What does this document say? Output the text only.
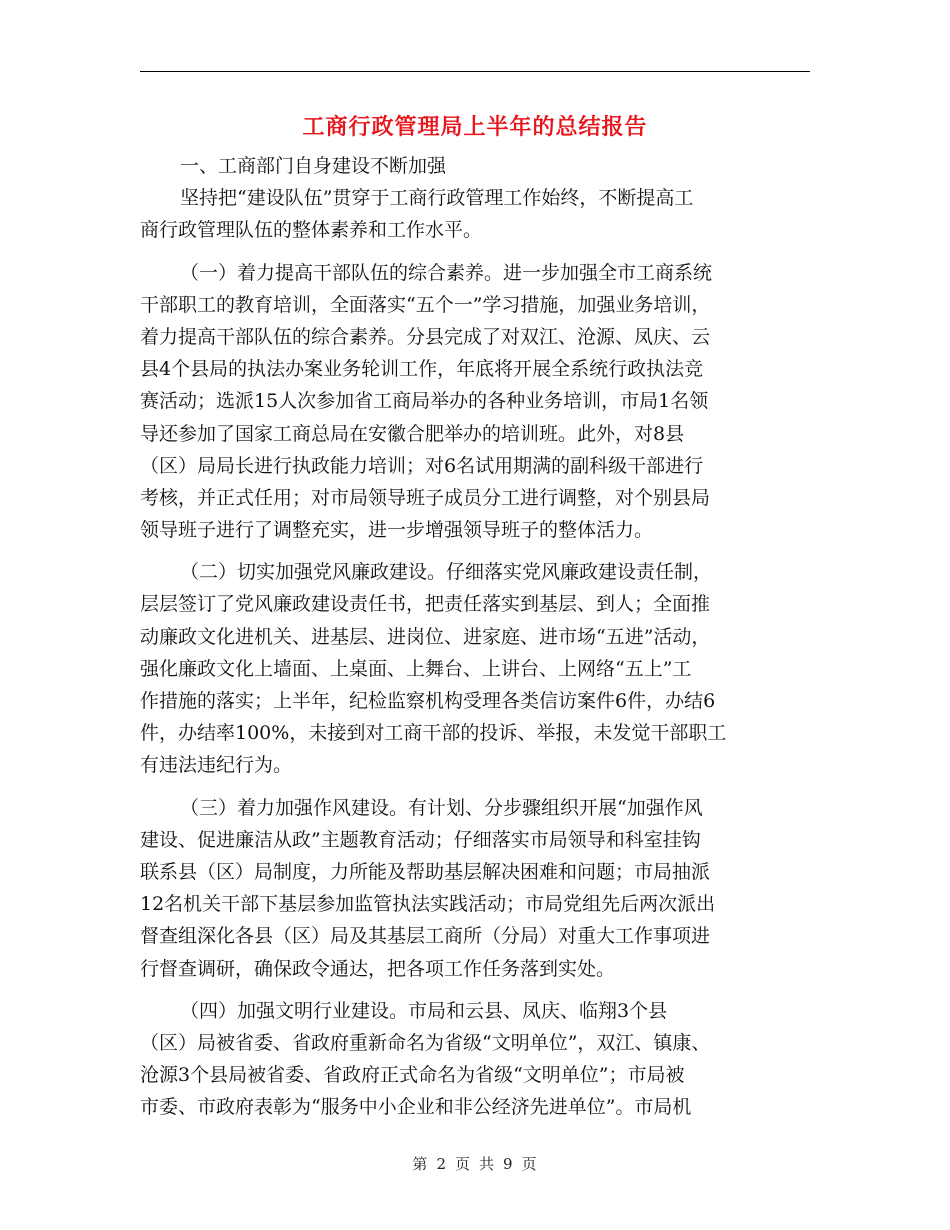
工商行政管理局上半年的总结报告
一、工商部门自身建设不断加强
坚持把“建设队伍”贯穿于工商行政管理工作始终，不断提高工
商行政管理队伍的整体素养和工作水平。
（一）着力提高干部队伍的综合素养。进一步加强全市工商系统
干部职工的教育培训，全面落实“五个一”学习措施，加强业务培训，
着力提高干部队伍的综合素养。分县完成了对双江、沧源、凤庆、云
县4个县局的执法办案业务轮训工作，年底将开展全系统行政执法竞
赛活动；选派15人次参加省工商局举办的各种业务培训，市局1名领
导还参加了国家工商总局在安徽合肥举办的培训班。此外，对8县
（区）局局长进行执政能力培训；对6名试用期满的副科级干部进行
考核，并正式任用；对市局领导班子成员分工进行调整，对个别县局
领导班子进行了调整充实，进一步增强领导班子的整体活力。
（二）切实加强党风廉政建设。仔细落实党风廉政建设责任制，
层层签订了党风廉政建设责任书，把责任落实到基层、到人；全面推
动廉政文化进机关、进基层、进岗位、进家庭、进市场“五进”活动，
强化廉政文化上墙面、上桌面、上舞台、上讲台、上网络“五上”工
作措施的落实；上半年，纪检监察机构受理各类信访案件6件，办结6
件，办结率100%，未接到对工商干部的投诉、举报，未发觉干部职工
有违法违纪行为。
（三）着力加强作风建设。有计划、分步骤组织开展“加强作风
建设、促进廉洁从政”主题教育活动；仔细落实市局领导和科室挂钩
联系县（区）局制度，力所能及帮助基层解决困难和问题；市局抽派
12名机关干部下基层参加监管执法实践活动；市局党组先后两次派出
督查组深化各县（区）局及其基层工商所（分局）对重大工作事项进
行督查调研，确保政令通达，把各项工作任务落到实处。
（四）加强文明行业建设。市局和云县、凤庆、临翔3个县
（区）局被省委、省政府重新命名为省级“文明单位”，双江、镇康、
沧源3个县局被省委、省政府正式命名为省级“文明单位”；市局被
市委、市政府表彰为“服务中小企业和非公经济先进单位”。市局机
第 2 页 共 9 页
